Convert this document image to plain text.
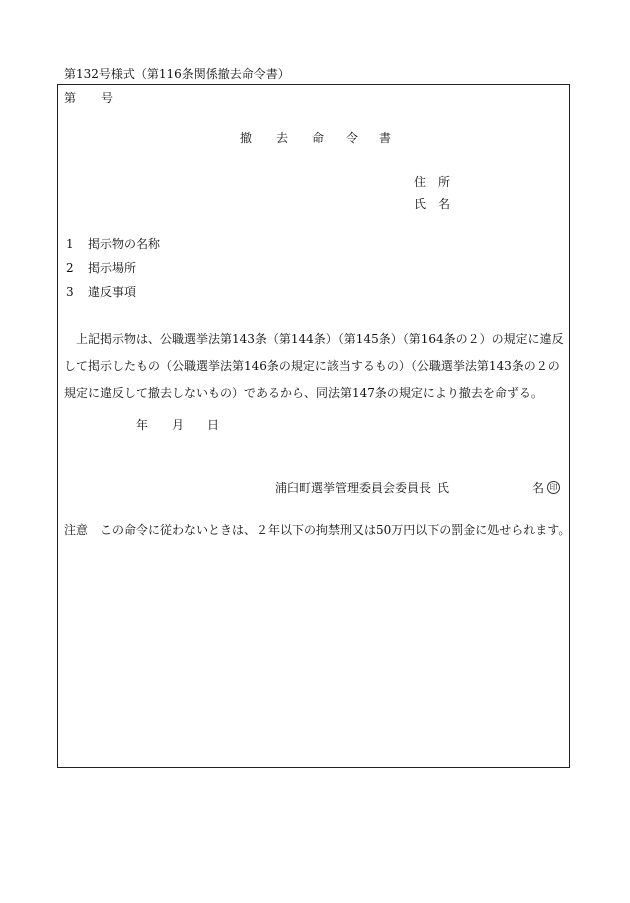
第132号様式（第116条関係撤去命令書）
第 号
撤 去 命 令 書
住 所
氏 名
1 掲示物の名称
2 掲示場所
3 違反事項
上記掲示物は、公職選挙法第143条（第144条）（第145条）（第164条の２）の規定に違反して掲示したもの（公職選挙法第146条の規定に該当するもの）（公職選挙法第143条の２の規定に違反して撤去しないもの）であるから、同法第147条の規定により撤去を命ずる。
年 月 日
浦臼町選挙管理委員会委員長 氏	名 印
注意　この命令に従わないときは、２年以下の拘禁刑又は50万円以下の罰金に処せられます。
